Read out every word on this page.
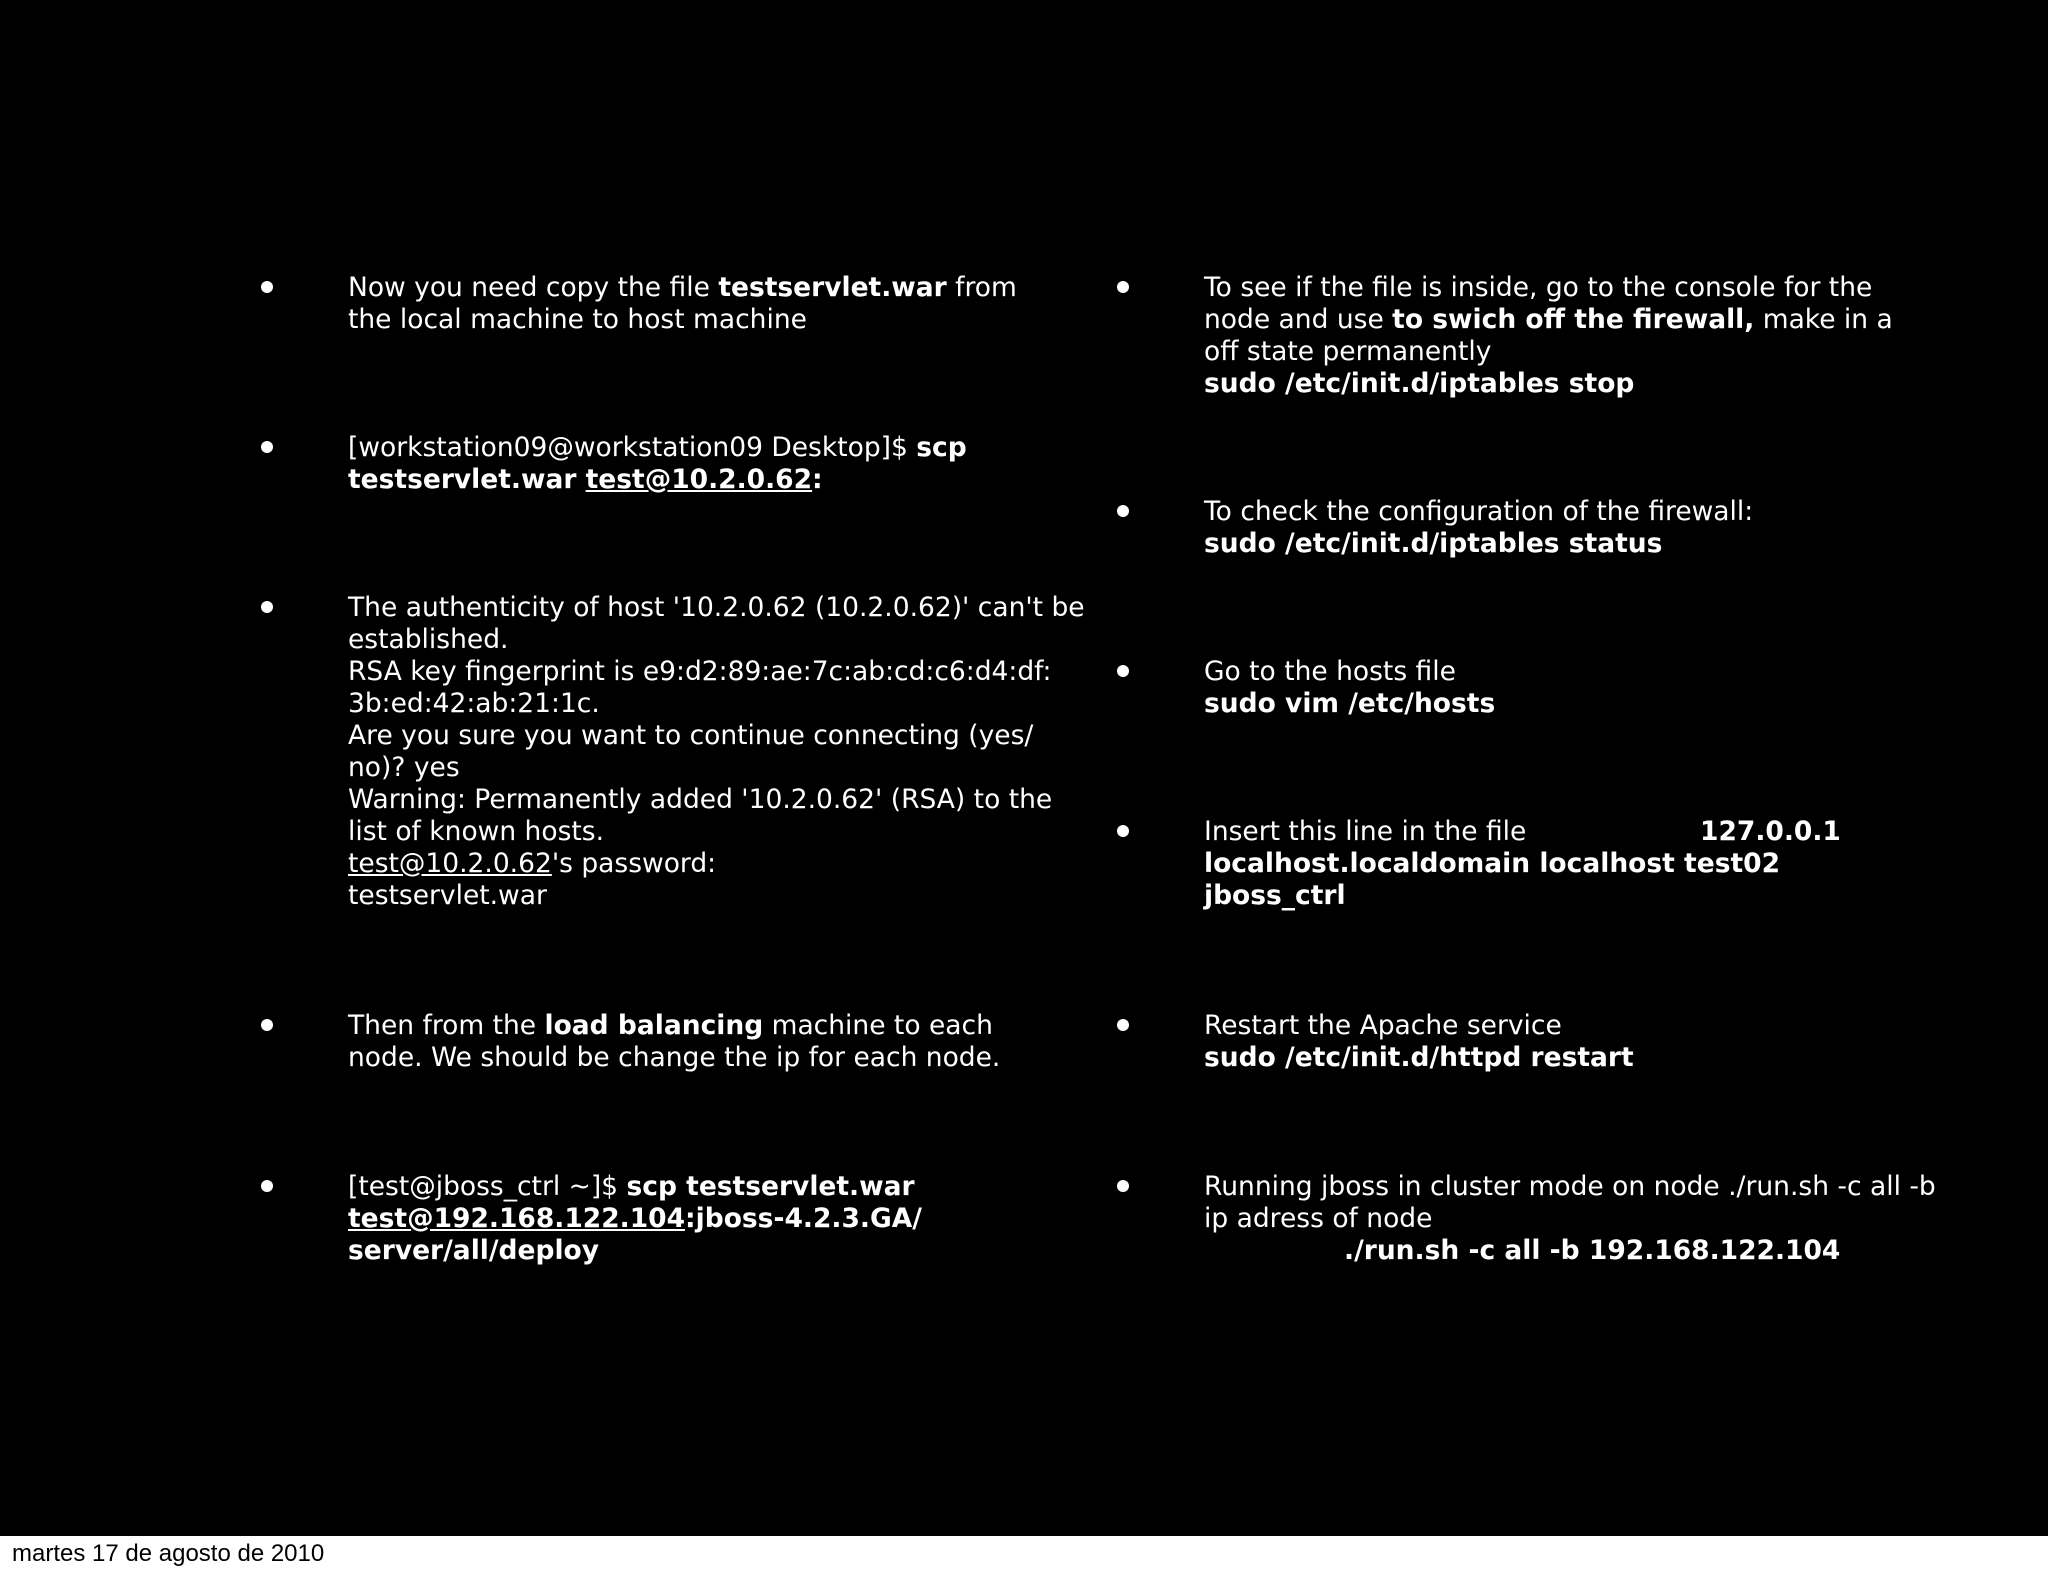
Now you need copy the file testservlet.war from
the local machine to host machine
[workstation09@workstation09 Desktop]$ scp
testservlet.war test@10.2.0.62:
The authenticity of host '10.2.0.62 (10.2.0.62)' can't be
established.
RSA key fingerprint is e9:d2:89:ae:7c:ab:cd:c6:d4:df:
3b:ed:42:ab:21:1c.
Are you sure you want to continue connecting (yes/
no)? yes
Warning: Permanently added '10.2.0.62' (RSA) to the
list of known hosts.
test@10.2.0.62's password:
testservlet.war
Then from the load balancing machine to each
node. We should be change the ip for each node.
[test@jboss_ctrl ~]$ scp testservlet.war
test@192.168.122.104:jboss-4.2.3.GA/
server/all/deploy
To see if the file is inside, go to the console for the
node and use to swich off the firewall, make in a
off state permanently
sudo /etc/init.d/iptables stop
To check the configuration of the firewall:
sudo /etc/init.d/iptables status
Go to the hosts file
sudo vim /etc/hosts
Insert this line in the file	127.0.0.1
localhost.localdomain localhost test02
jboss_ctrl
Restart the Apache service
sudo /etc/init.d/httpd restart
Running jboss in cluster mode on node ./run.sh -c all -b
ip adress of node
./run.sh -c all -b 192.168.122.104
martes 17 de agosto de 2010
